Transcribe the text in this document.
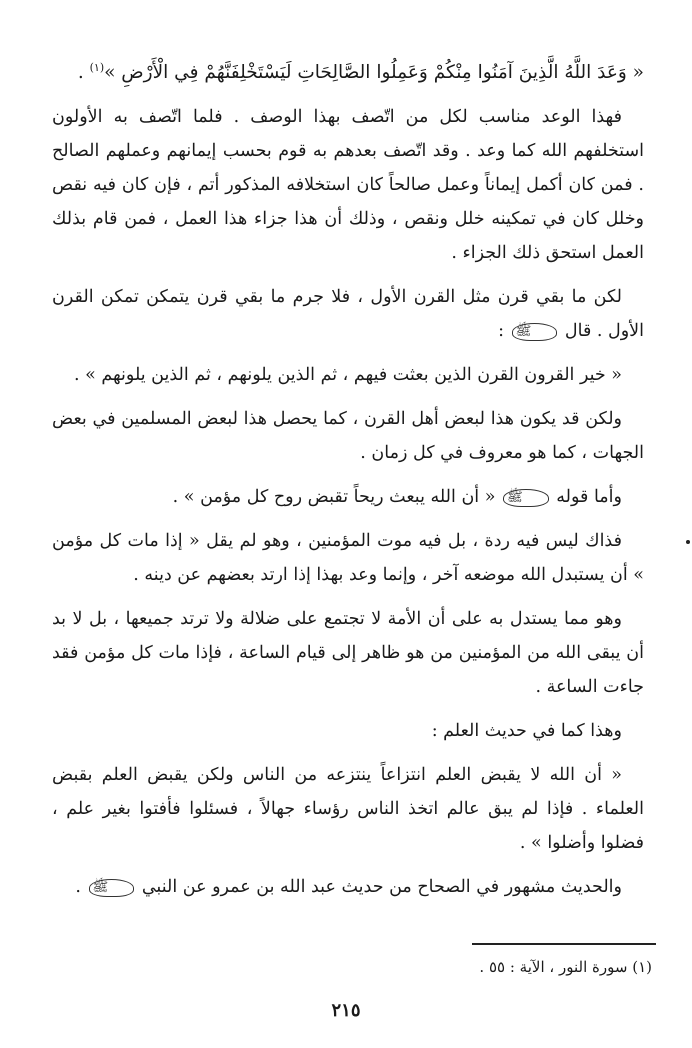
« وَعَدَ اللَّهُ الَّذِينَ آمَنُوا مِنْكُمْ وَعَمِلُوا الصَّالِحَاتِ لَيَسْتَخْلِفَنَّهُمْ فِي الْأَرْضِ »$^{(١)}$ .

فهذا الوعد مناسب لكل من اتّصف بهذا الوصف . فلما اتّصف به الأولون استخلفهم الله كما وعد . وقد اتّصف بعدهم به قوم بحسب إيمانهم وعملهم الصالح . فمن كان أكمل إيماناً وعمل صالحاً كان استخلافه المذكور أتم ، فإن كان فيه نقص وخلل كان في تمكينه خلل ونقص ، وذلك أن هذا جزاء هذا العمل ، فمن قام بذلك العمل استحق ذلك الجزاء .

لكن ما بقي قرن مثل القرن الأول ، فلا جرم ما بقي قرن يتمكن تمكن القرن الأول . قال ﷺ :

« خير القرون القرن الذين بعثت فيهم ، ثم الذين يلونهم ، ثم الذين يلونهم » .

ولكن قد يكون هذا لبعض أهل القرن ، كما يحصل هذا لبعض المسلمين في بعض الجهات ، كما هو معروف في كل زمان .

وأما قوله ﷺ « أن الله يبعث ريحاً تقبض روح كل مؤمن » .

فذاك ليس فيه ردة ، بل فيه موت المؤمنين ، وهو لم يقل « إذا مات كل مؤمن » أن يستبدل الله موضعه آخر ، وإنما وعد بهذا إذا ارتد بعضهم عن دينه .

وهو مما يستدل به على أن الأمة لا تجتمع على ضلالة ولا ترتد جميعها ، بل لا بد أن يبقى الله من المؤمنين من هو ظاهر إلى قيام الساعة ، فإذا مات كل مؤمن فقد جاءت الساعة .

وهذا كما في حديث العلم :

« أن الله لا يقبض العلم انتزاعاً ينتزعه من الناس ولكن يقبض العلم بقبض العلماء . فإذا لم يبق عالم اتخذ الناس رؤساء جهالاً ، فسئلوا فأفتوا بغير علم ، فضلوا وأضلوا » .

والحديث مشهور في الصحاح من حديث عبد الله بن عمرو عن النبي ﷺ .

(١) سورة النور ، الآية : ٥٥ .
٢١٥
